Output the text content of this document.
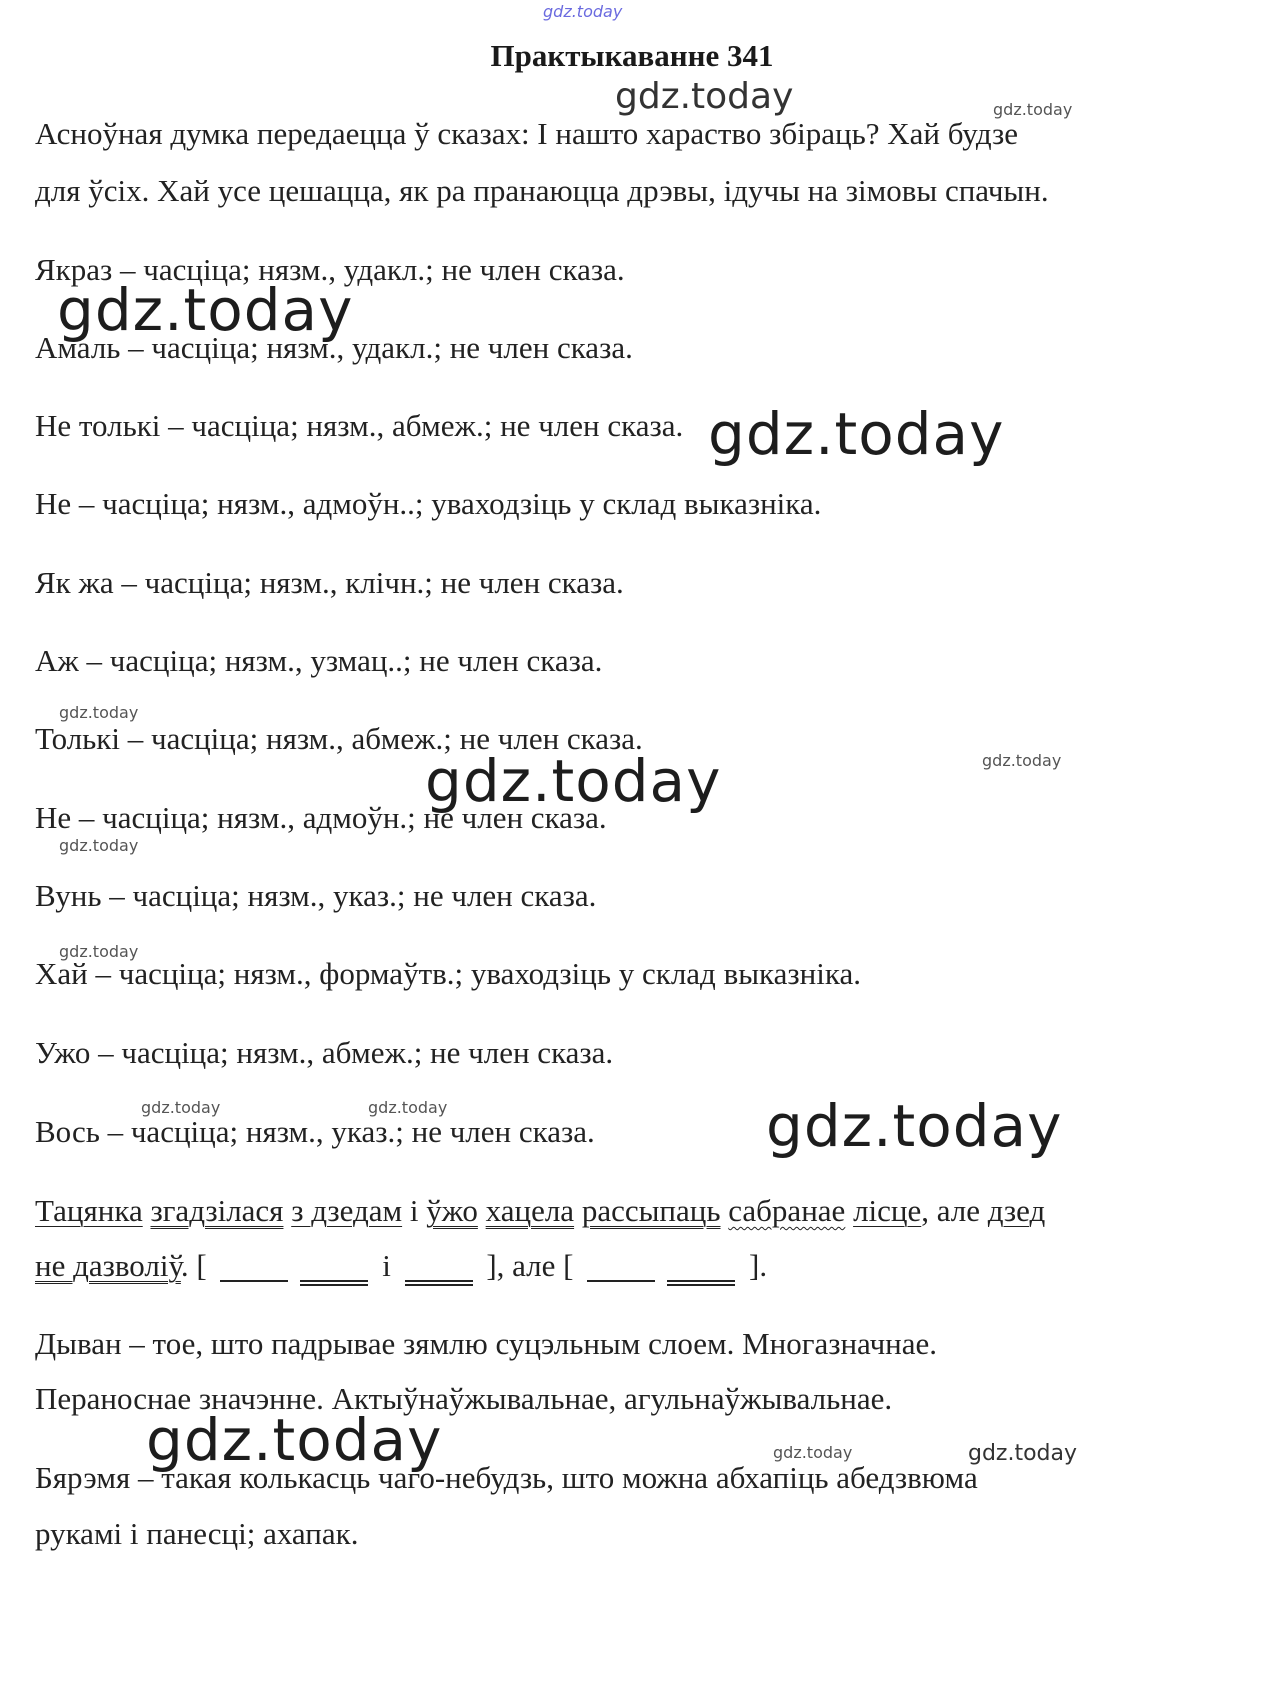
gdz.today
Практыкаванне 341
gdz.today	gdz.today
Асноўная думка передаецца ў сказах: І нашто хараство збіраць? Хай будзе
для ўсіх. Хай усе цешацца, як ра пранаюцца дрэвы, ідучы на зімовы спачын.
Якраз – часціца; нязм., удакл.; не член сказа.
gdz.today
Амаль – часціца; нязм., удакл.; не член сказа.
Не толькі – часціца; нязм., абмеж.; не член сказа. gdz.today
Не – часціца; нязм., адмоўн..; уваходзіць у склад выказніка.
Як жа – часціца; нязм., клічн.; не член сказа.
Аж – часціца; нязм., узмац..; не член сказа.
gdz.today
Толькі – часціца; нязм., абмеж.; не член сказа.
gdz.today
gdz.today
Не – часціца; нязм., адмоўн.; не член сказа.
gdz.today
Вунь – часціца; нязм., указ.; не член сказа.
gdz.today
Хай – часціца; нязм., формаўтв.; уваходзіць у склад выказніка.
Ужо – часціца; нязм., абмеж.; не член сказа.
gdz.today	gdz.today
Вось – часціца; нязм., указ.; не член сказа.	gdz.today
Тацянка згадзілася з дзедам і ўжо хацела рассыпаць сабранае лісце, але дзед
не дазволіў. [	і	], але [	].
Дыван – тое, што падрывае зямлю суцэльным слоем. Многазначнае.
Пераноснае значэнне. Актыўнаўжывальнае, агульнаўжывальнае.
gdz.today	gdz.today	gdz.today
Бярэмя – такая колькасць чаго-небудзь, што можна абхапіць абедзвюма
рукамі і панесці; ахапак.
